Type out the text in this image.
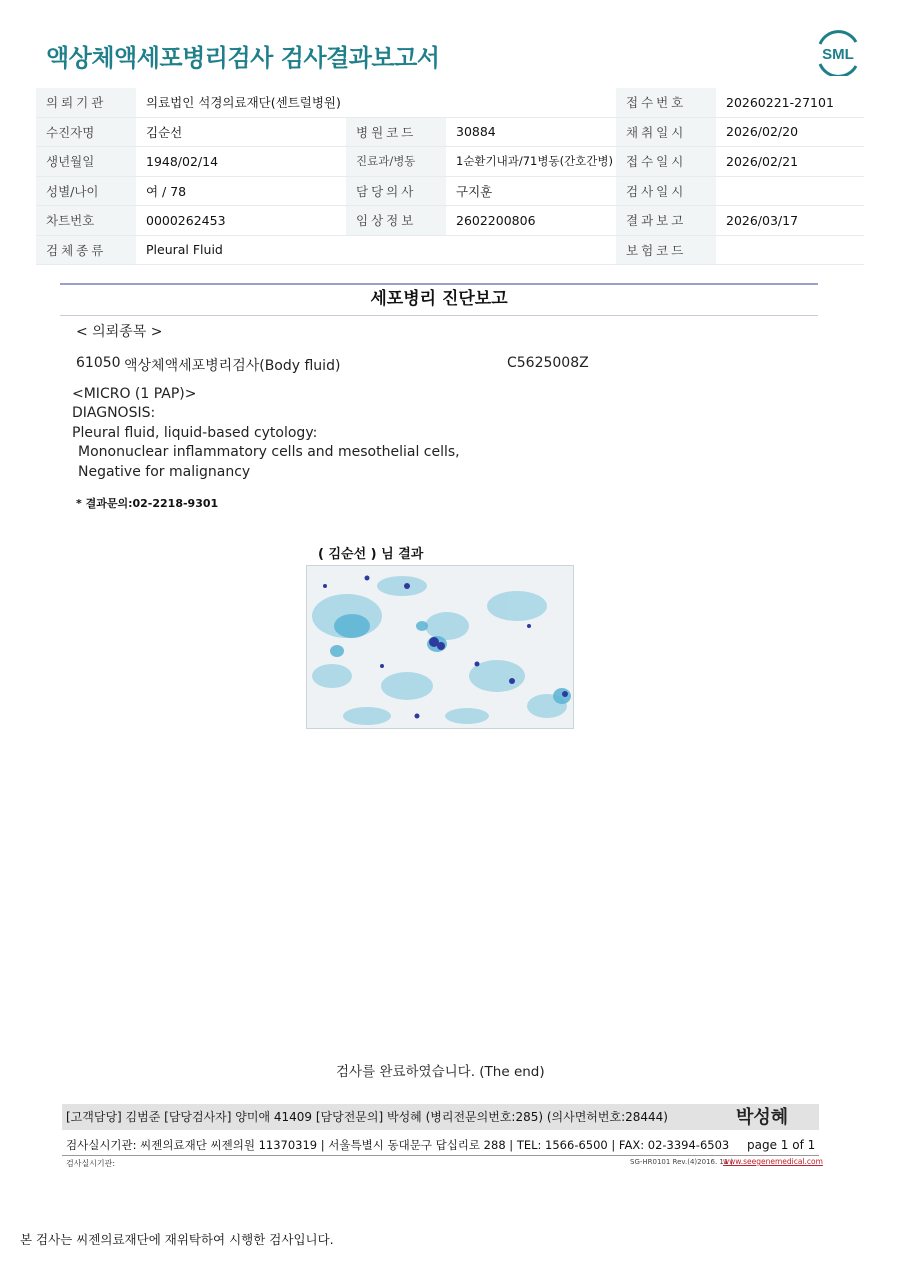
액상체액세포병리검사 검사결과보고서	SML
의뢰기관	의료법인 석경의료재단(센트럴병원)			접수번호	20260221-27101
수진자명	김순선	병원코드	30884	채취일시	2026/02/20
생년월일	1948/02/14	진료과/병동	1순환기내과/71병동(간호간병)	접수일시	2026/02/21
성별/나이	여 / 78	담당의사	구지훈	검사일시	
차트번호	0000262453	임상정보	2602200806	결과보고	2026/03/17
검체종류	Pleural Fluid			보험코드	
세포병리 진단보고
< 의뢰종목 >
61050 액상체액세포병리검사(Body fluid)	C5625008Z
<MICRO (1 PAP)>
DIAGNOSIS:
Pleural fluid, liquid-based cytology:
Mononuclear inflammatory cells and mesothelial cells,
Negative for malignancy
* 결과문의:02-2218-9301
( 김순선 ) 님 결과
검사를 완료하였습니다. (The end)
[고객담당] 김범준 [담당검사자] 양미애 41409 [담당전문의] 박성혜 (병리전문의번호:285) (의사면허번호:28444)	박성혜
검사실시기관: 씨젠의료재단 씨젠의원 11370319 | 서울특별시 동대문구 답십리로 288 | TEL: 1566-6500 | FAX: 02-3394-6503	page 1 of 1
검사실시기관:	SG-HR0101 Rev.(4)2016. 11 |
www.seegenemedical.com
본 검사는 씨젠의료재단에 재위탁하여 시행한 검사입니다.
